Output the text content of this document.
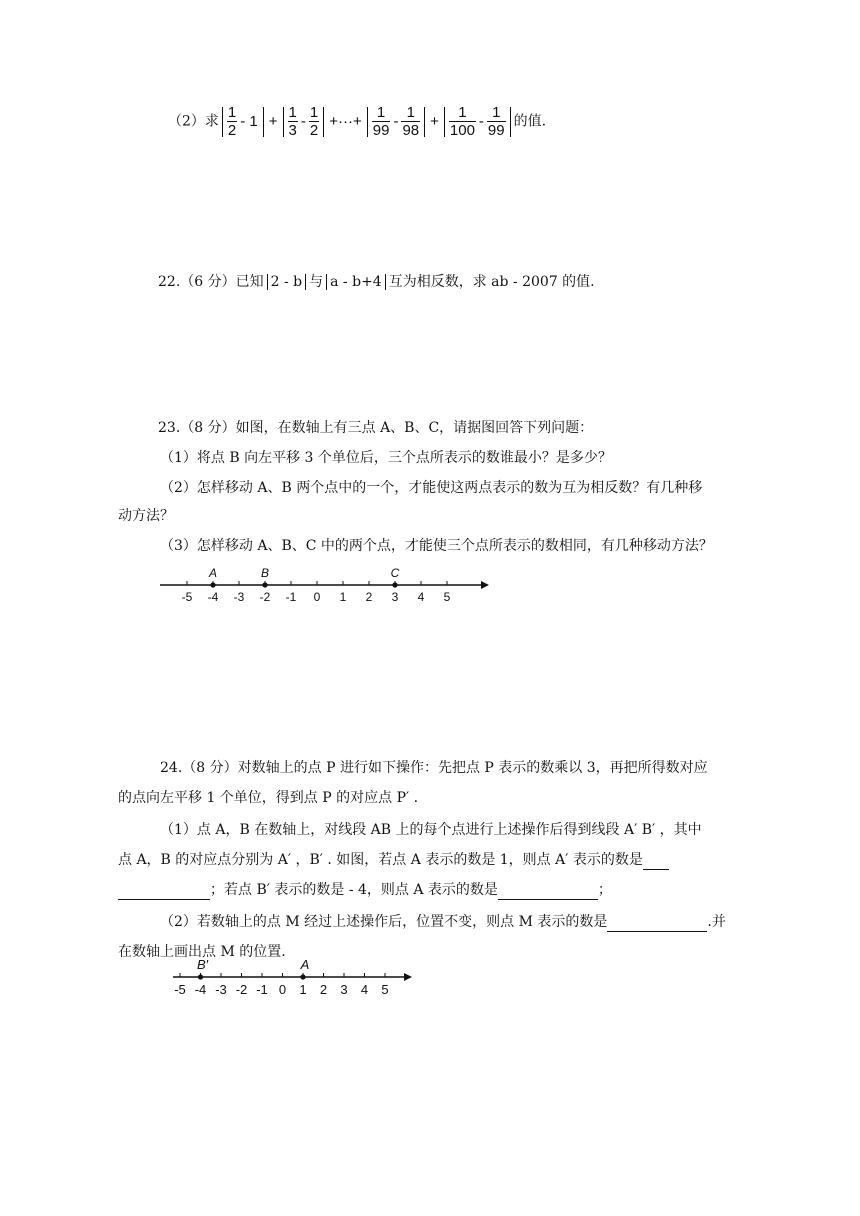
（2）求 $\frac{1}{2} - 1 + \frac{1}{3} - \frac{1}{2}$ +···+ $\frac{1}{99} - \frac{1}{98} + \frac{1}{100} - \frac{1}{99}$ 的值.
22.（6 分）已知 2 - b 与 a - b+4 互为相反数，求 ab - 2007 的值.
23.（8 分）如图，在数轴上有三点 A、B、C，请据图回答下列问题：
（1）将点 B 向左平移 3 个单位后，三个点所表示的数谁最小？是多少？
（2）怎样移动 A、B 两个点中的一个，才能使这两点表示的数为互为相反数？有几种移
动方法？
（3）怎样移动 A、B、C 中的两个点，才能使三个点所表示的数相同，有几种移动方法？
-5 -4 -3 -2 -1 0 1 2 3 4 5
A	B	C
24.（8 分）对数轴上的点 P 进行如下操作：先把点 P 表示的数乘以 3，再把所得数对应
的点向左平移 1 个单位，得到点 P 的对应点 P′ .
（1）点 A，B 在数轴上，对线段 AB 上的每个点进行上述操作后得到线段 A′ B′ ，其中
点 A，B 的对应点分别为 A′ ，B′ . 如图，若点 A 表示的数是 1，则点 A′ 表示的数是
；若点 B′ 表示的数是 - 4，则点 A 表示的数是	；
（2）若数轴上的点 M 经过上述操作后，位置不变，则点 M 表示的数是	.并
在数轴上画出点 M 的位置.
-5 -4 -3 -2 -1 0 1 2 3 4 5
B′	A
